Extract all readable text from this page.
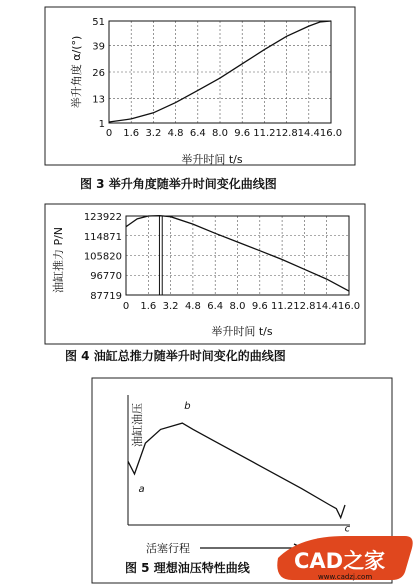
0 1.6 3.2 4.8 6.4 8.0 9.6 11.2 12.8 14.4 16.0
1
13
26
39
51
举升时间 t/s
举升角度 α/(°)
图 3 举升角度随举升时间变化曲线图
0 1.6 3.2 4.8 6.4 8.0 9.6 11.2 12.8 14.4 16.0
87719
96770
105820
114871
123922
举升时间 t/s
油缸推力 P/N
图 4 油缸总推力随举升时间变化的曲线图
a
b
c
油缸油压
活塞行程
图 5 理想油压特性曲线 CAD之家
www.cadzj.com
